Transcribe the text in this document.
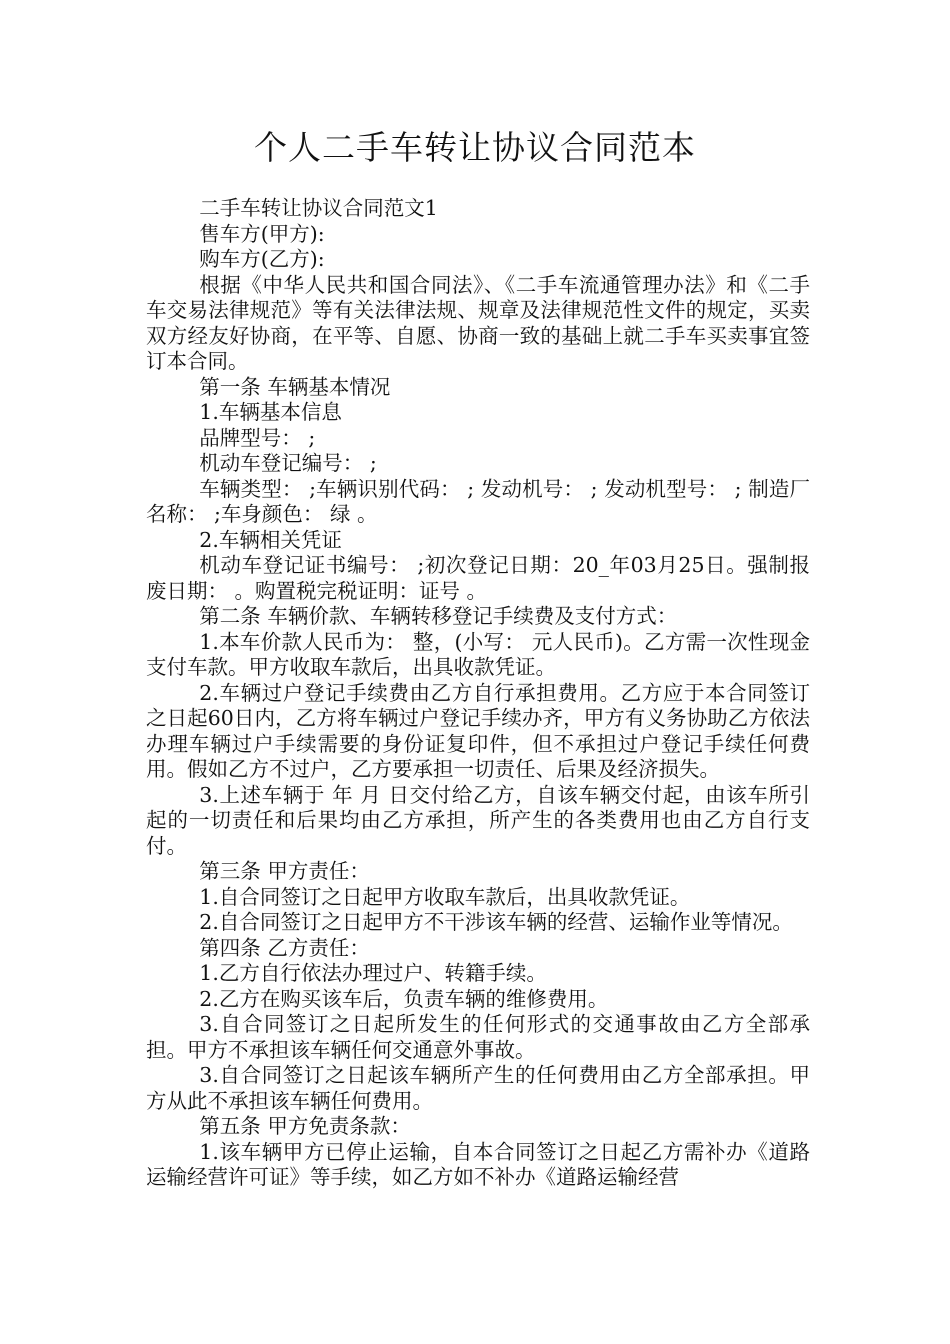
个人二手车转让协议合同范本

二手车转让协议合同范文1

售车方(甲方):

购车方(乙方):

根据《中华人民共和国合同法》、《二手车流通管理办法》和《二手车交易法律规范》等有关法律法规、规章及法律规范性文件的规定，买卖双方经友好协商，在平等、自愿、协商一致的基础上就二手车买卖事宜签订本合同。

第一条 车辆基本情况

1.车辆基本信息

品牌型号： ;

机动车登记编号： ;

车辆类型： ;车辆识别代码： ; 发动机号： ; 发动机型号： ; 制造厂名称： ;车身颜色： 绿 。

2.车辆相关凭证

机动车登记证书编号： ;初次登记日期：20_年03月25日。强制报废日期： 。购置税完税证明：证号 。

第二条 车辆价款、车辆转移登记手续费及支付方式：

1.本车价款人民币为： 整，(小写： 元人民币)。乙方需一次性现金支付车款。甲方收取车款后，出具收款凭证。

2.车辆过户登记手续费由乙方自行承担费用。乙方应于本合同签订之日起60日内，乙方将车辆过户登记手续办齐，甲方有义务协助乙方依法办理车辆过户手续需要的身份证复印件，但不承担过户登记手续任何费用。假如乙方不过户，乙方要承担一切责任、后果及经济损失。

3.上述车辆于 年 月 日交付给乙方，自该车辆交付起，由该车所引起的一切责任和后果均由乙方承担，所产生的各类费用也由乙方自行支付。

第三条 甲方责任：

1.自合同签订之日起甲方收取车款后，出具收款凭证。

2.自合同签订之日起甲方不干涉该车辆的经营、运输作业等情况。

第四条 乙方责任：

1.乙方自行依法办理过户、转籍手续。

2.乙方在购买该车后，负责车辆的维修费用。

3.自合同签订之日起所发生的任何形式的交通事故由乙方全部承担。甲方不承担该车辆任何交通意外事故。

3.自合同签订之日起该车辆所产生的任何费用由乙方全部承担。甲方从此不承担该车辆任何费用。

第五条 甲方免责条款：

1.该车辆甲方已停止运输，自本合同签订之日起乙方需补办《道路运输经营许可证》等手续，如乙方如不补办《道路运输经营
